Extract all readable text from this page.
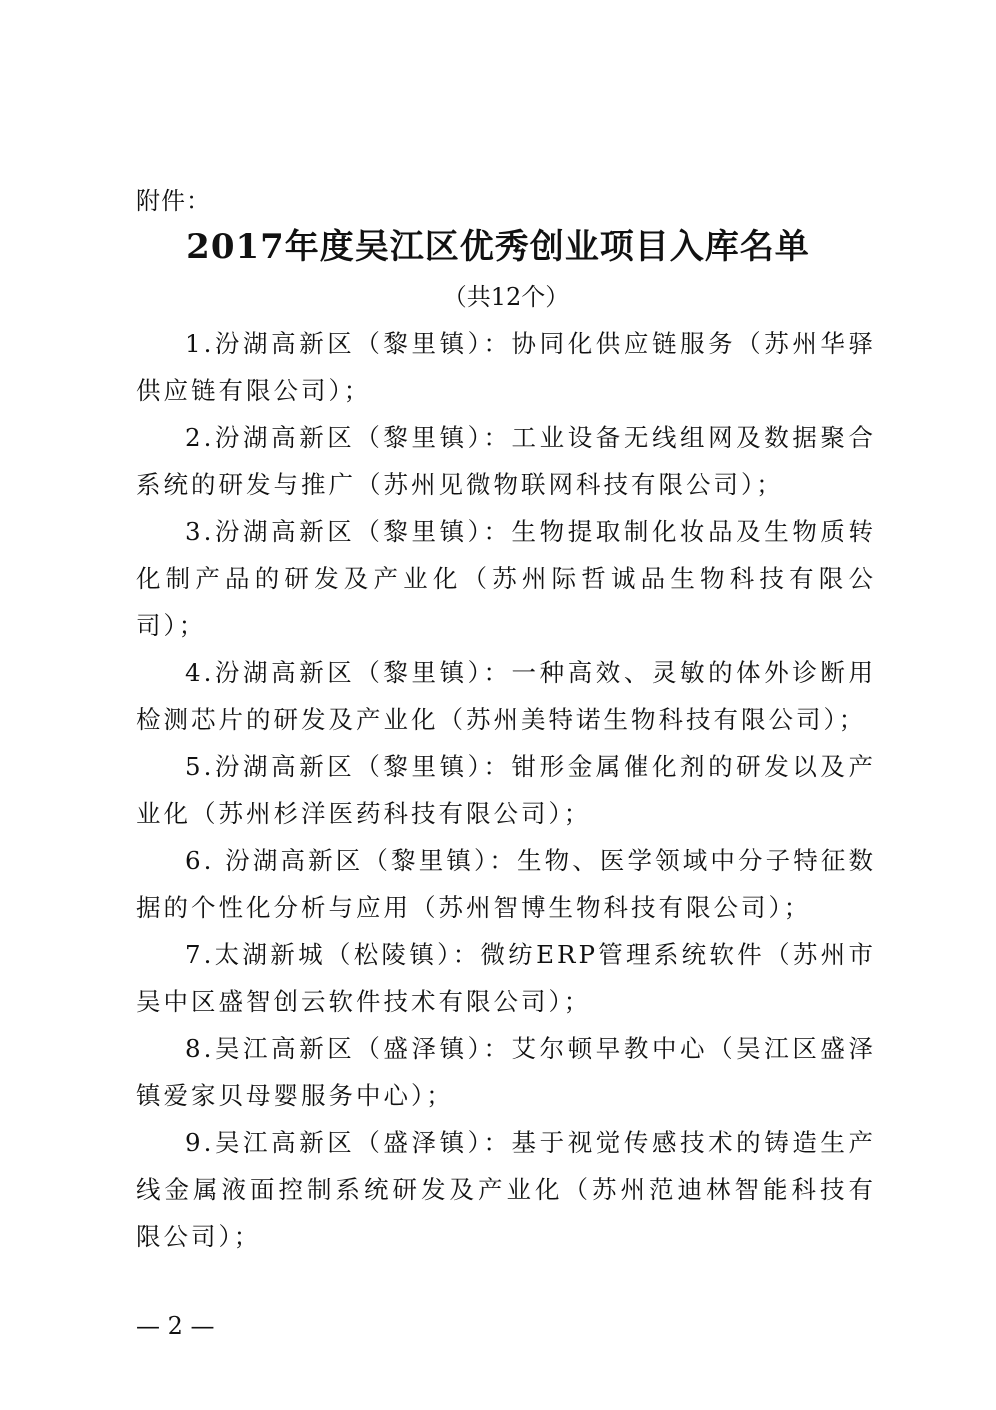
附件：
2017年度吴江区优秀创业项目入库名单
（共12个）
1.汾湖高新区（黎里镇）：协同化供应链服务（苏州华驿供应链有限公司）；
2.汾湖高新区（黎里镇）：工业设备无线组网及数据聚合系统的研发与推广（苏州见微物联网科技有限公司）；
3.汾湖高新区（黎里镇）：生物提取制化妆品及生物质转化制产品的研发及产业化（苏州际哲诚品生物科技有限公司）；
4.汾湖高新区（黎里镇）：一种高效、灵敏的体外诊断用检测芯片的研发及产业化（苏州美特诺生物科技有限公司）；
5.汾湖高新区（黎里镇）：钳形金属催化剂的研发以及产业化（苏州杉洋医药科技有限公司）；
6. 汾湖高新区（黎里镇）：生物、医学领域中分子特征数据的个性化分析与应用（苏州智博生物科技有限公司）；
7.太湖新城（松陵镇）：微纺ERP管理系统软件（苏州市吴中区盛智创云软件技术有限公司）；
8.吴江高新区（盛泽镇）：艾尔顿早教中心（吴江区盛泽镇爱家贝母婴服务中心）；
9.吴江高新区（盛泽镇）：基于视觉传感技术的铸造生产线金属液面控制系统研发及产业化（苏州范迪林智能科技有限公司）；
— 2 —
